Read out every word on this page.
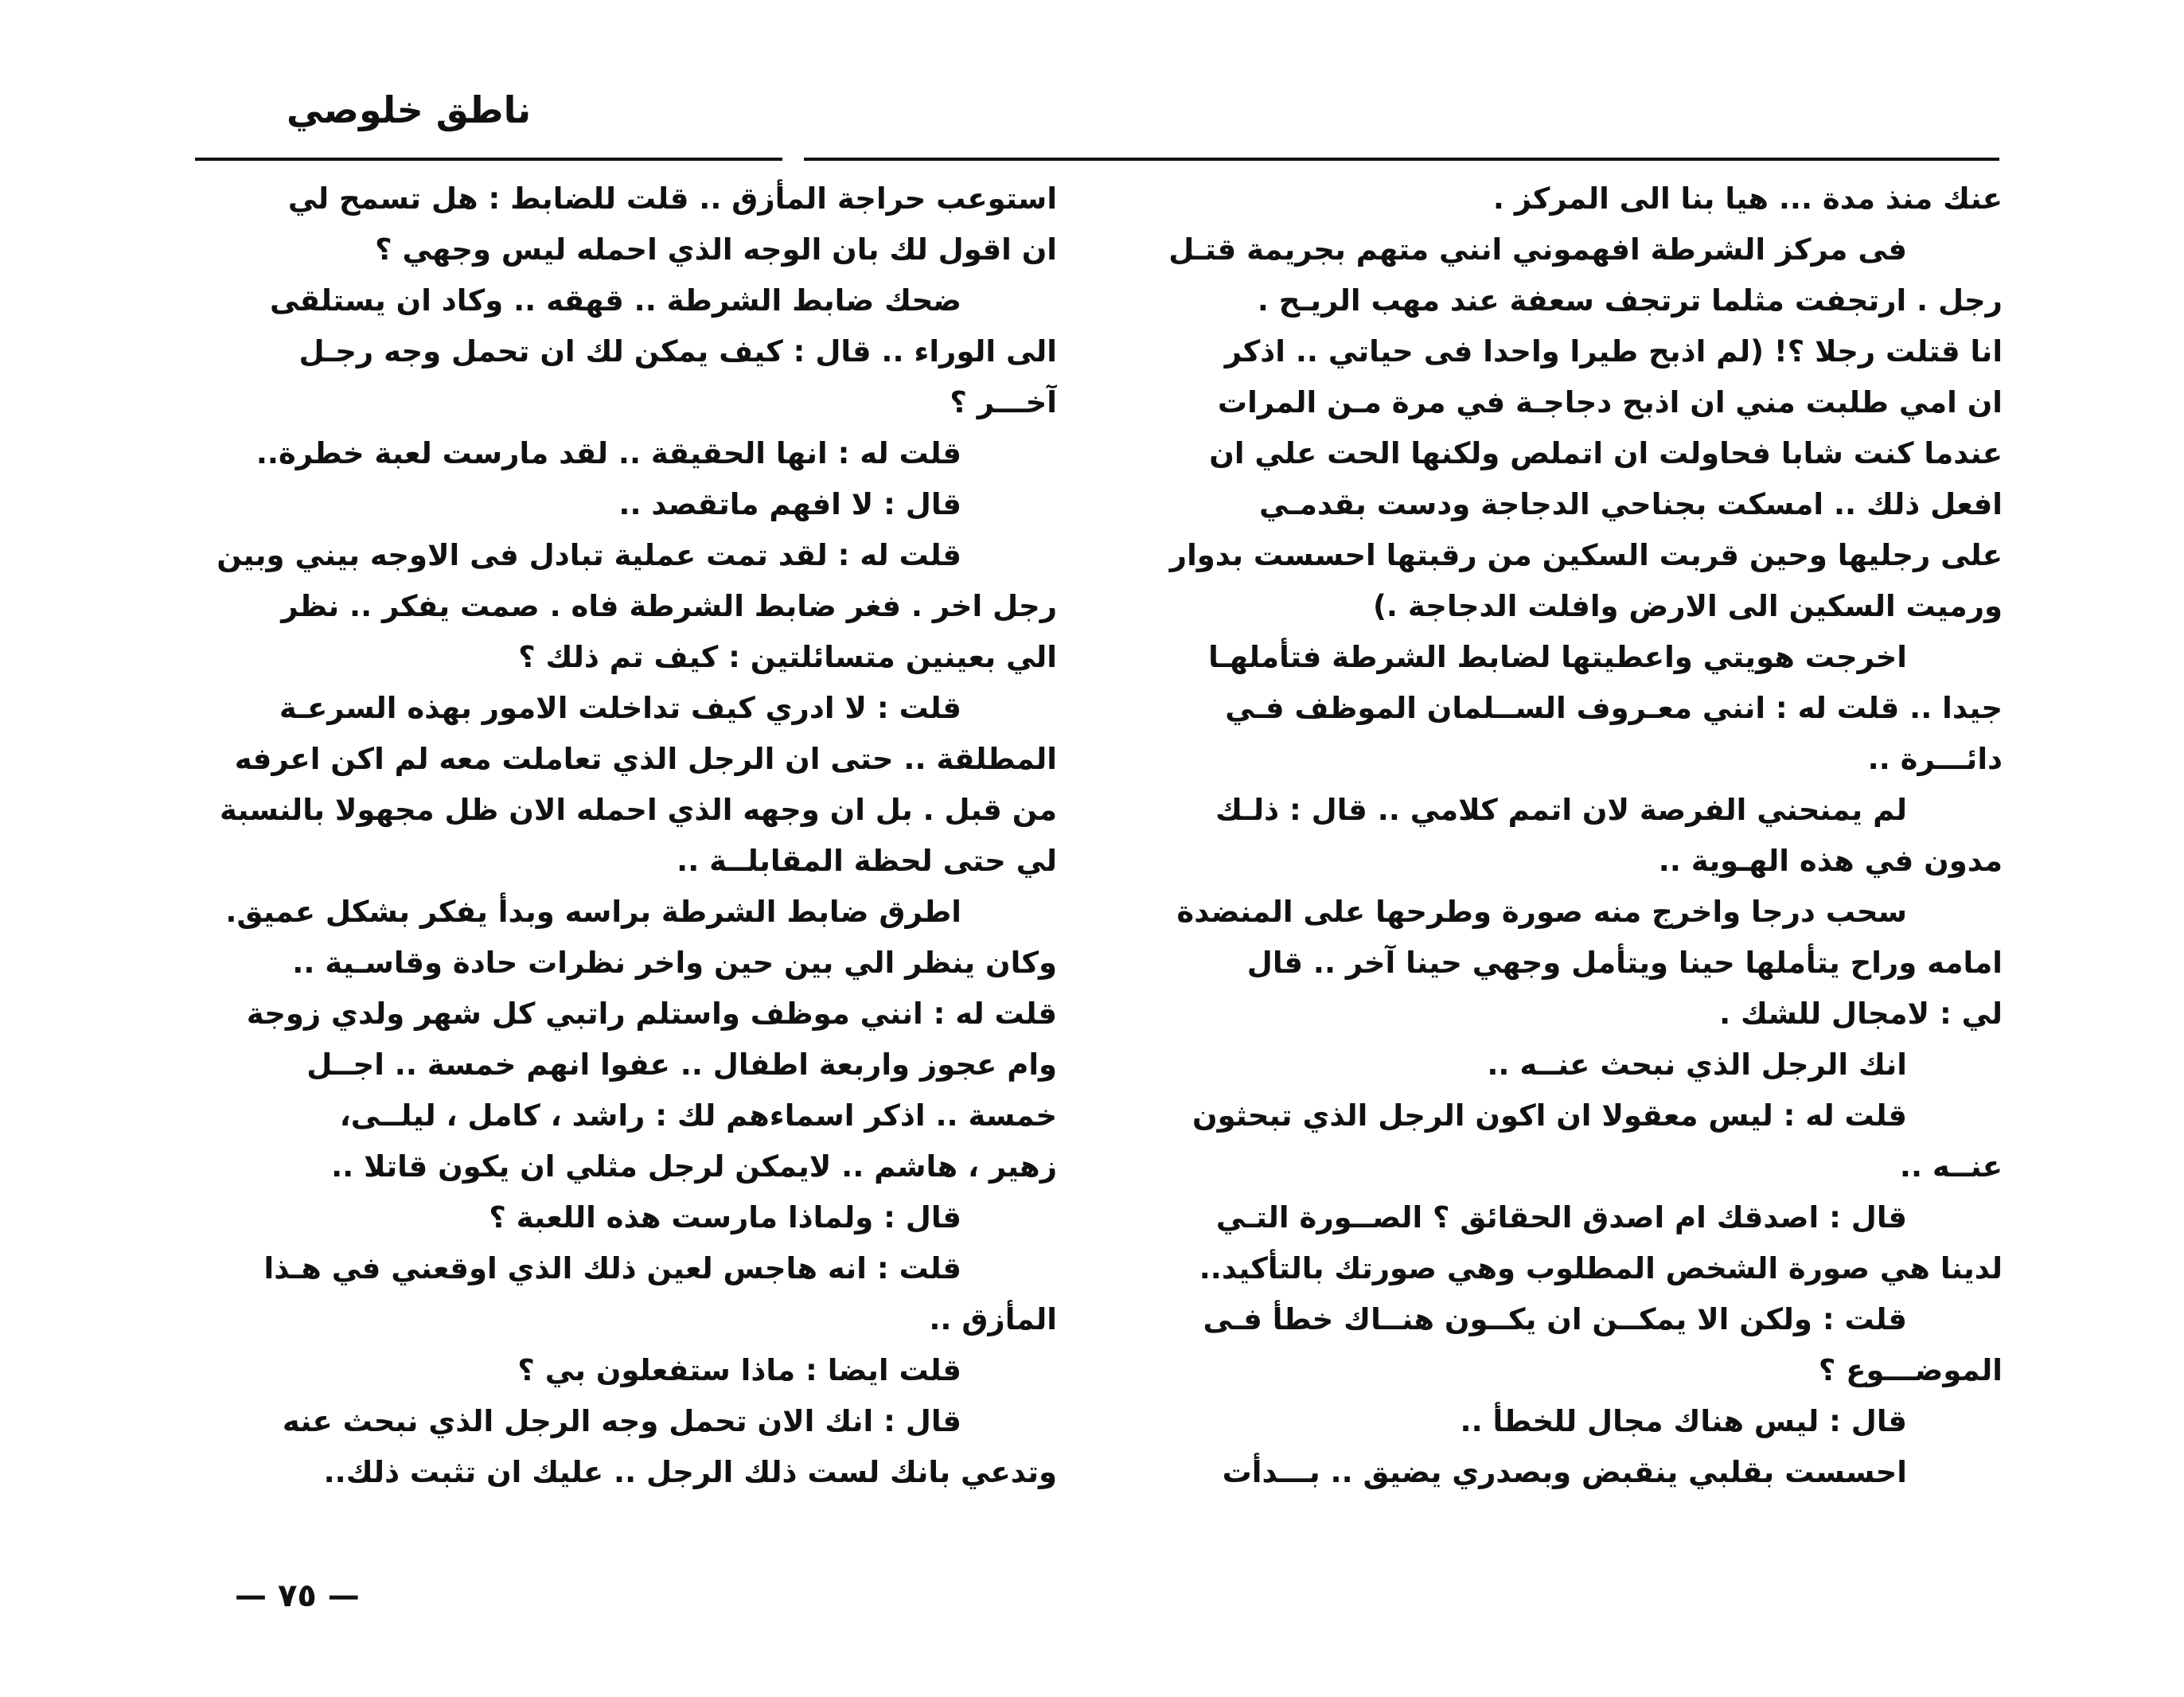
ناطق خلوصي
عنك منذ مدة ... هيا بنا الى المركز .
فى مركز الشرطة افهموني انني متهم بجريمة قتـل
رجل . ارتجفت مثلما ترتجف سعفة عند مهب الريـح .
انا قتلت رجلا ؟! (لم اذبح طيرا واحدا فى حياتي .. اذكر
ان امي طلبت مني ان اذبح دجاجـة في مرة مـن المرات
عندما كنت شابا فحاولت ان اتملص ولكنها الحت علي ان
افعل ذلك .. امسكت بجناحي الدجاجة ودست بقدمـي
على رجليها وحين قربت السكين من رقبتها احسست بدوار
ورميت السكين الى الارض وافلت الدجاجة .)
اخرجت هويتي واعطيتها لضابط الشرطة فتأملهـا
جيدا .. قلت له : انني معـروف الســلمان الموظف فـي
دائـــرة ..
لم يمنحني الفرصة لان اتمم كلامي .. قال : ذلـك
مدون في هذه الهـوية ..
سحب درجا واخرج منه صورة وطرحها على المنضدة
امامه وراح يتأملها حينا ويتأمل وجهي حينا آخر .. قال
لي : لامجال للشك .
انك الرجل الذي نبحث عنــه ..
قلت له : ليس معقولا ان اكون الرجل الذي تبحثون
عنــه ..
قال : اصدقك ام اصدق الحقائق ؟ الصــورة التـي
لدينا هي صورة الشخص المطلوب وهي صورتك بالتأكيد..
قلت : ولكن الا يمكــن ان يكــون هنــاك خطأ فـى
الموضـــوع ؟
قال : ليس هناك مجال للخطأ ..
احسست بقلبي ينقبض وبصدري يضيق .. بـــدأت
استوعب حراجة المأزق .. قلت للضابط : هل تسمح لي
ان اقول لك بان الوجه الذي احمله ليس وجهي ؟
ضحك ضابط الشرطة .. قهقه .. وكاد ان يستلقى
الى الوراء .. قال : كيف يمكن لك ان تحمل وجه رجـل
آخـــر ؟
قلت له : انها الحقيقة .. لقد مارست لعبة خطرة..
قال : لا افهم ماتقصد ..
قلت له : لقد تمت عملية تبادل فى الاوجه بيني وبين
رجل اخر . فغر ضابط الشرطة فاه . صمت يفكر .. نظر
الي بعينين متسائلتين : كيف تم ذلك ؟
قلت : لا ادري كيف تداخلت الامور بهذه السرعـة
المطلقة .. حتى ان الرجل الذي تعاملت معه لم اكن اعرفه
من قبل . بل ان وجهه الذي احمله الان ظل مجهولا بالنسبة
لي حتى لحظة المقابلــة ..
اطرق ضابط الشرطة براسه وبدأ يفكر بشكل عميق.
وكان ينظر الي بين حين واخر نظرات حادة وقاسـية ..
قلت له : انني موظف واستلم راتبي كل شهر ولدي زوجة
وام عجوز واربعة اطفال .. عفوا انهم خمسة .. اجــل
خمسة .. اذكر اسماءهم لك : راشد ، كامل ، ليلــى،
زهير ، هاشم .. لايمكن لرجل مثلي ان يكون قاتلا ..
قال : ولماذا مارست هذه اللعبة ؟
قلت : انه هاجس لعين ذلك الذي اوقعني في هـذا
المأزق ..
قلت ايضا : ماذا ستفعلون بي ؟
قال : انك الان تحمل وجه الرجل الذي نبحث عنه
وتدعي بانك لست ذلك الرجل .. عليك ان تثبت ذلك..
— ٧٥ —
